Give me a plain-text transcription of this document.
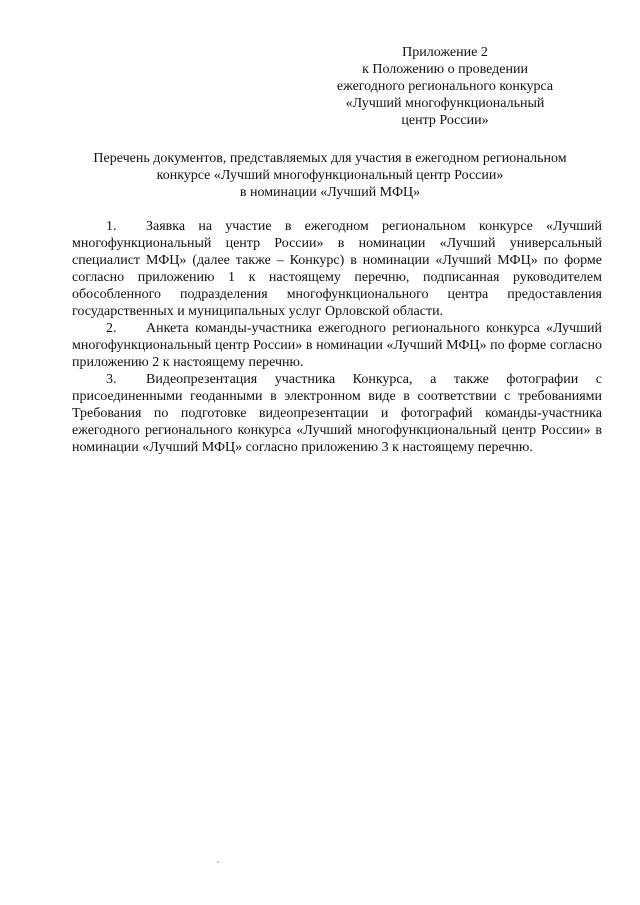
Приложение 2
к Положению о проведении
ежегодного регионального конкурса
«Лучший многофункциональный
центр России»
Перечень документов, представляемых для участия в ежегодном региональном
конкурсе «Лучший многофункциональный центр России»
в номинации «Лучший МФЦ»

1. Заявка на участие в ежегодном региональном конкурсе «Лучший многофункциональный центр России» в номинации «Лучший универсальный специалист МФЦ» (далее также – Конкурс) в номинации «Лучший МФЦ» по форме согласно приложению 1 к настоящему перечню, подписанная руководителем обособленного подразделения многофункционального центра предоставления государственных и муниципальных услуг Орловской области.

2. Анкета команды-участника ежегодного регионального конкурса «Лучший многофункциональный центр России» в номинации «Лучший МФЦ» по форме согласно приложению 2 к настоящему перечню.

3. Видеопрезентация участника Конкурса, а также фотографии с присоединенными геоданными в электронном виде в соответствии с требованиями Требования по подготовке видеопрезентации и фотографий команды-участника ежегодного регионального конкурса «Лучший многофункциональный центр России» в номинации «Лучший МФЦ» согласно приложению 3 к настоящему перечню.
